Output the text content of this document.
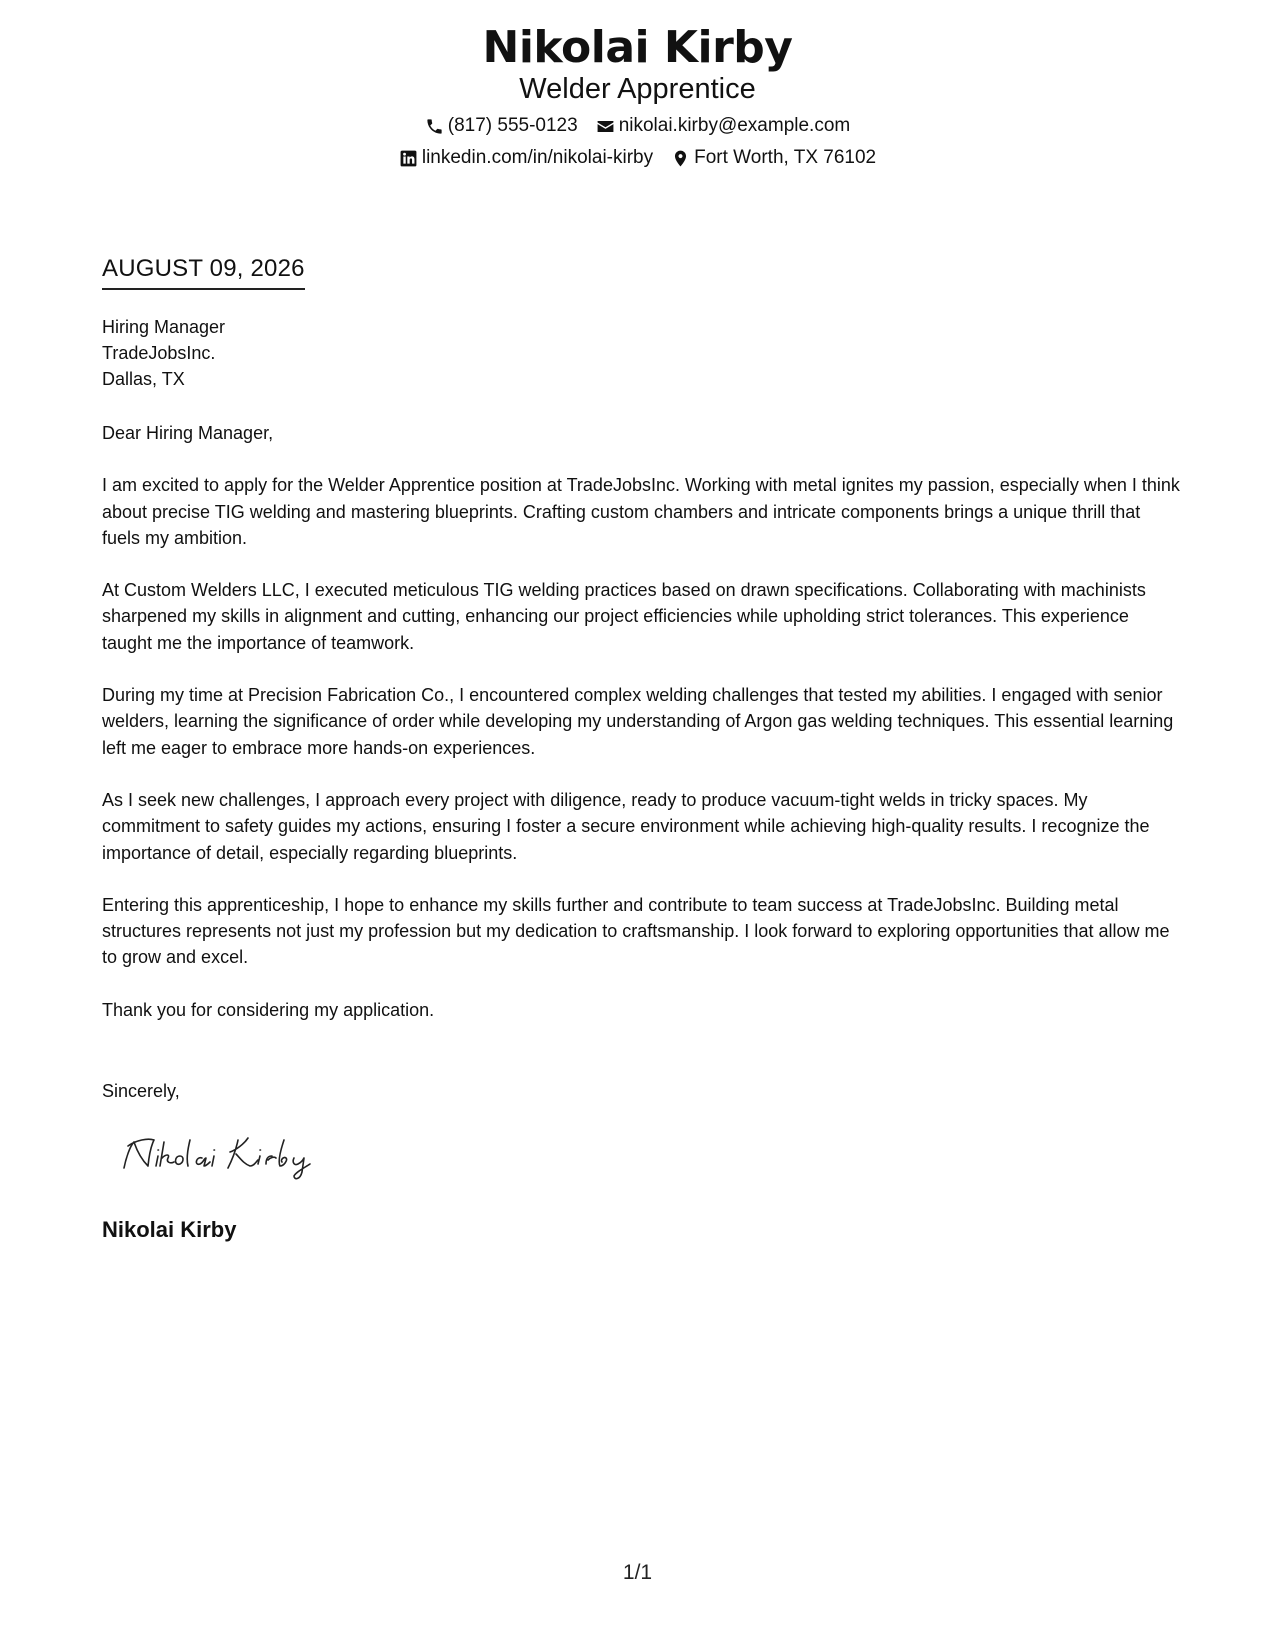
Nikolai Kirby
Welder Apprentice
(817) 555-0123 nikolai.kirby@example.com
linkedin.com/in/nikolai-kirby Fort Worth, TX 76102
AUGUST 09, 2026
Hiring Manager
TradeJobsInc.
Dallas, TX

Dear Hiring Manager,

I am excited to apply for the Welder Apprentice position at TradeJobsInc. Working with metal ignites my passion, especially when I think about precise TIG welding and mastering blueprints. Crafting custom chambers and intricate components brings a unique thrill that fuels my ambition.

At Custom Welders LLC, I executed meticulous TIG welding practices based on drawn specifications. Collaborating with machinists sharpened my skills in alignment and cutting, enhancing our project efficiencies while upholding strict tolerances. This experience taught me the importance of teamwork.

During my time at Precision Fabrication Co., I encountered complex welding challenges that tested my abilities. I engaged with senior welders, learning the significance of order while developing my understanding of Argon gas welding techniques. This essential learning left me eager to embrace more hands-on experiences.

As I seek new challenges, I approach every project with diligence, ready to produce vacuum-tight welds in tricky spaces. My commitment to safety guides my actions, ensuring I foster a secure environment while achieving high-quality results. I recognize the importance of detail, especially regarding blueprints.

Entering this apprenticeship, I hope to enhance my skills further and contribute to team success at TradeJobsInc. Building metal structures represents not just my profession but my dedication to craftsmanship. I look forward to exploring opportunities that allow me to grow and excel.

Thank you for considering my application.

Sincerely,
Nikolai Kirby
1/1
